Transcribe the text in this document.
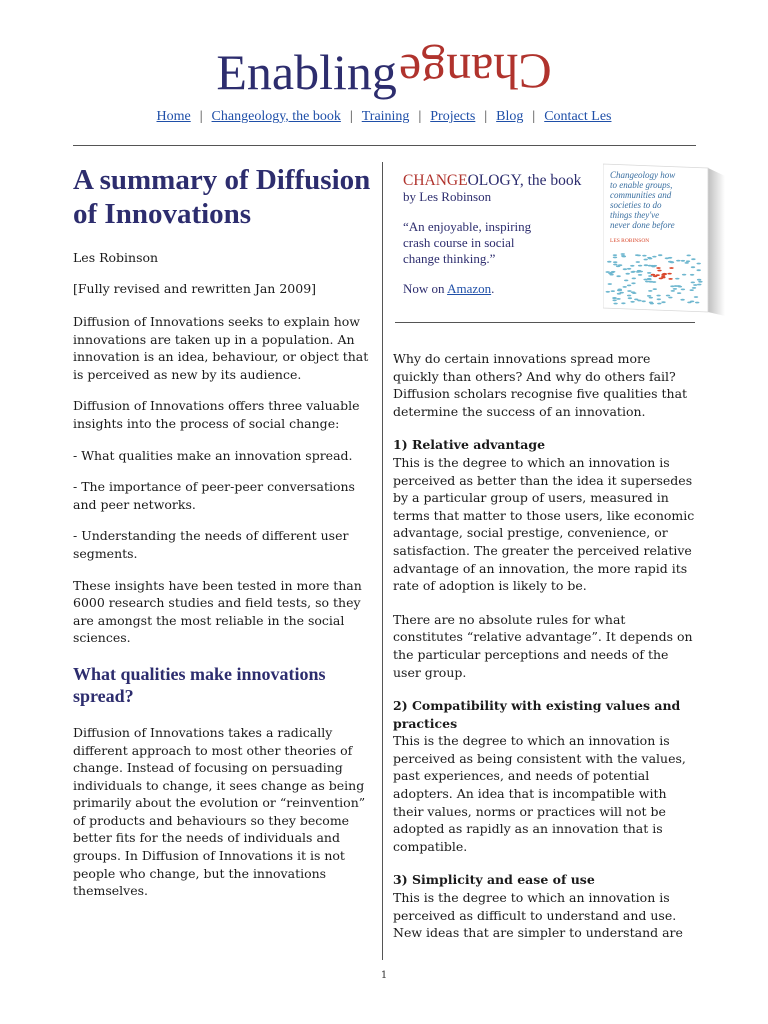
EnablingChange
Home | Changeology, the book | Training | Projects | Blog | Contact Les
A summary of Diffusion of Innovations
Les Robinson
[Fully revised and rewritten Jan 2009]
Diffusion of Innovations seeks to explain how innovations are taken up in a population. An innovation is an idea, behaviour, or object that is perceived as new by its audience.
Diffusion of Innovations offers three valuable insights into the process of social change:
- What qualities make an innovation spread.
- The importance of peer-peer conversations and peer networks.
- Understanding the needs of different user segments.
These insights have been tested in more than 6000 research studies and field tests, so they are amongst the most reliable in the social sciences.
What qualities make innovations spread?
Diffusion of Innovations takes a radically different approach to most other theories of change. Instead of focusing on persuading individuals to change, it sees change as being primarily about the evolution or “reinvention” of products and behaviours so they become better fits for the needs of individuals and groups. In Diffusion of Innovations it is not people who change, but the innovations themselves.
CHANGEOLOGY, the book
by Les Robinson
“An enjoyable, inspiring crash course in social change thinking.”
Now on Amazon.
Changeology how
to enable groups,
communities and
societies to do
things they've
never done before
LES ROBINSON
Why do certain innovations spread more quickly than others? And why do others fail? Diffusion scholars recognise five qualities that determine the success of an innovation.
1) Relative advantage
This is the degree to which an innovation is perceived as better than the idea it supersedes by a particular group of users, measured in terms that matter to those users, like economic advantage, social prestige, convenience, or satisfaction. The greater the perceived relative advantage of an innovation, the more rapid its rate of adoption is likely to be.
There are no absolute rules for what constitutes “relative advantage”. It depends on the particular perceptions and needs of the user group.
2) Compatibility with existing values and practices
This is the degree to which an innovation is perceived as being consistent with the values, past experiences, and needs of potential adopters. An idea that is incompatible with their values, norms or practices will not be adopted as rapidly as an innovation that is compatible.
3) Simplicity and ease of use
This is the degree to which an innovation is perceived as difficult to understand and use. New ideas that are simpler to understand are
1
